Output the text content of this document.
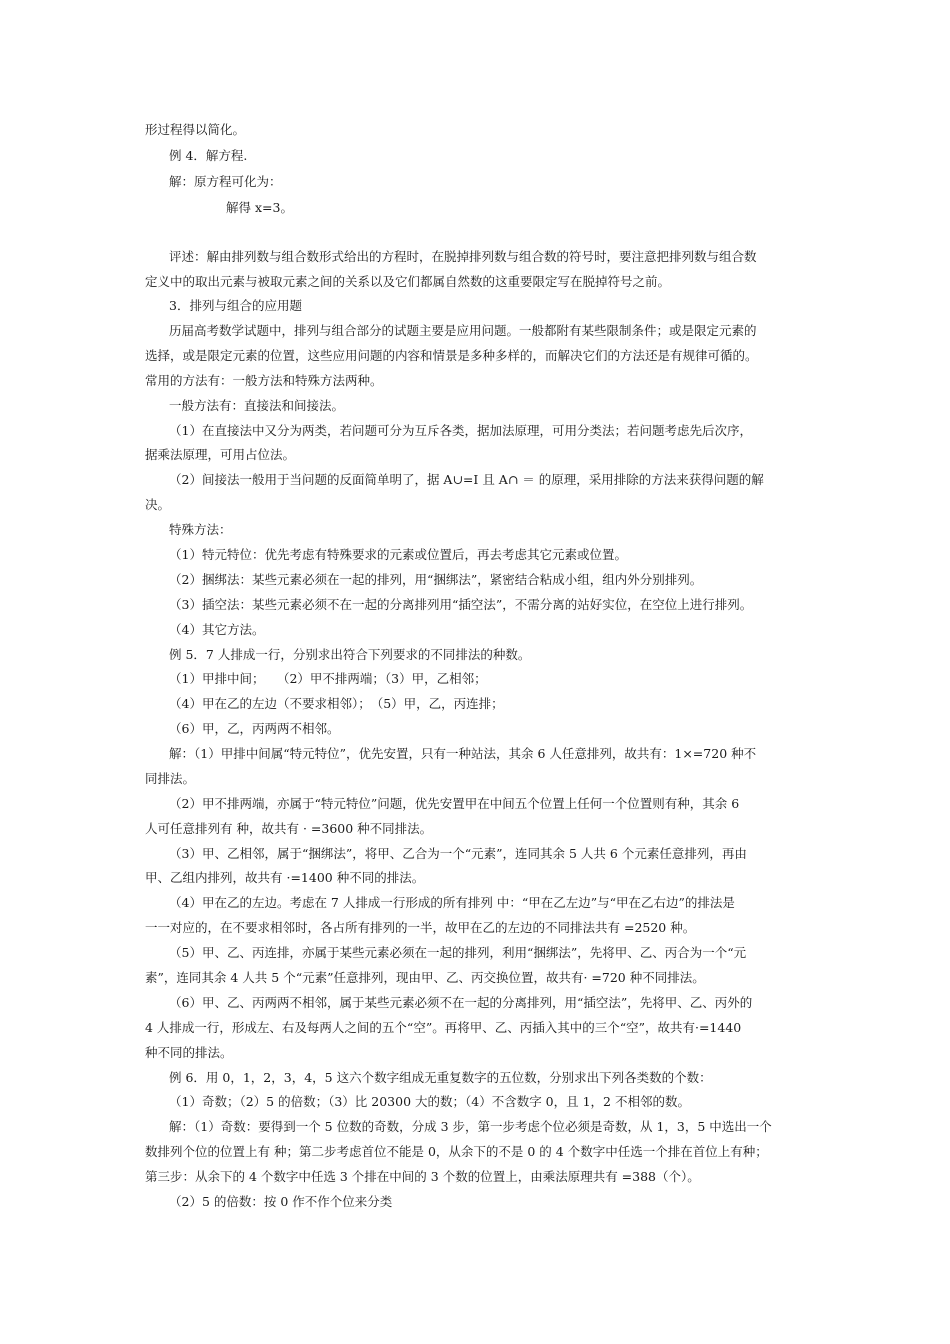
形过程得以简化。

例 4．解方程.

解：原方程可化为：

解得 x=3。

评述：解由排列数与组合数形式给出的方程时，在脱掉排列数与组合数的符号时，要注意把排列数与组合数

定义中的取出元素与被取元素之间的关系以及它们都属自然数的这重要限定写在脱掉符号之前。

3．排列与组合的应用题

历届高考数学试题中，排列与组合部分的试题主要是应用问题。一般都附有某些限制条件；或是限定元素的

选择，或是限定元素的位置，这些应用问题的内容和情景是多种多样的，而解决它们的方法还是有规律可循的。

常用的方法有：一般方法和特殊方法两种。

一般方法有：直接法和间接法。

（1）在直接法中又分为两类，若问题可分为互斥各类，据加法原理，可用分类法；若问题考虑先后次序，

据乘法原理，可用占位法。

（2）间接法一般用于当问题的反面简单明了，据 A∪=I 且 A∩ ＝ 的原理，采用排除的方法来获得问题的解

决。

特殊方法：

（1）特元特位：优先考虑有特殊要求的元素或位置后，再去考虑其它元素或位置。

（2）捆绑法：某些元素必须在一起的排列，用“捆绑法”，紧密结合粘成小组，组内外分别排列。

（3）插空法：某些元素必须不在一起的分离排列用“插空法”，不需分离的站好实位，在空位上进行排列。

（4）其它方法。

例 5．7 人排成一行，分别求出符合下列要求的不同排法的种数。

（1）甲排中间；　　（2）甲不排两端；（3）甲，乙相邻；

（4）甲在乙的左边（不要求相邻）；　（5）甲，乙，丙连排；

（6）甲，乙，丙两两不相邻。

解：（1）甲排中间属“特元特位”，优先安置，只有一种站法，其余 6 人任意排列，故共有：1×=720 种不

同排法。

（2）甲不排两端，亦属于“特元特位”问题，优先安置甲在中间五个位置上任何一个位置则有种，其余 6

人可任意排列有 种，故共有 · =3600 种不同排法。

（3）甲、乙相邻，属于“捆绑法”，将甲、乙合为一个“元素”，连同其余 5 人共 6 个元素任意排列，再由

甲、乙组内排列，故共有 ·=1400 种不同的排法。

（4）甲在乙的左边。考虑在 7 人排成一行形成的所有排列 中：“甲在乙左边”与“甲在乙右边”的排法是

一一对应的，在不要求相邻时，各占所有排列的一半，故甲在乙的左边的不同排法共有 =2520 种。

（5）甲、乙、丙连排，亦属于某些元素必须在一起的排列，利用“捆绑法”，先将甲、乙、丙合为一个“元

素”，连同其余 4 人共 5 个“元素”任意排列，现由甲、乙、丙交换位置，故共有· =720 种不同排法。

（6）甲、乙、丙两两不相邻，属于某些元素必须不在一起的分离排列，用“插空法”，先将甲、乙、丙外的

4 人排成一行，形成左、右及每两人之间的五个“空”。再将甲、乙、丙插入其中的三个“空”，故共有·=1440

种不同的排法。

例 6．用 0，1，2，3，4，5 这六个数字组成无重复数字的五位数，分别求出下列各类数的个数：

（1）奇数；（2）5 的倍数；（3）比 20300 大的数；（4）不含数字 0，且 1，2 不相邻的数。

解：（1）奇数：要得到一个 5 位数的奇数，分成 3 步，第一步考虑个位必须是奇数，从 1，3，5 中选出一个

数排列个位的位置上有 种；第二步考虑首位不能是 0，从余下的不是 0 的 4 个数字中任选一个排在首位上有种；

第三步：从余下的 4 个数字中任选 3 个排在中间的 3 个数的位置上，由乘法原理共有 =388（个）。

（2）5 的倍数：按 0 作不作个位来分类
